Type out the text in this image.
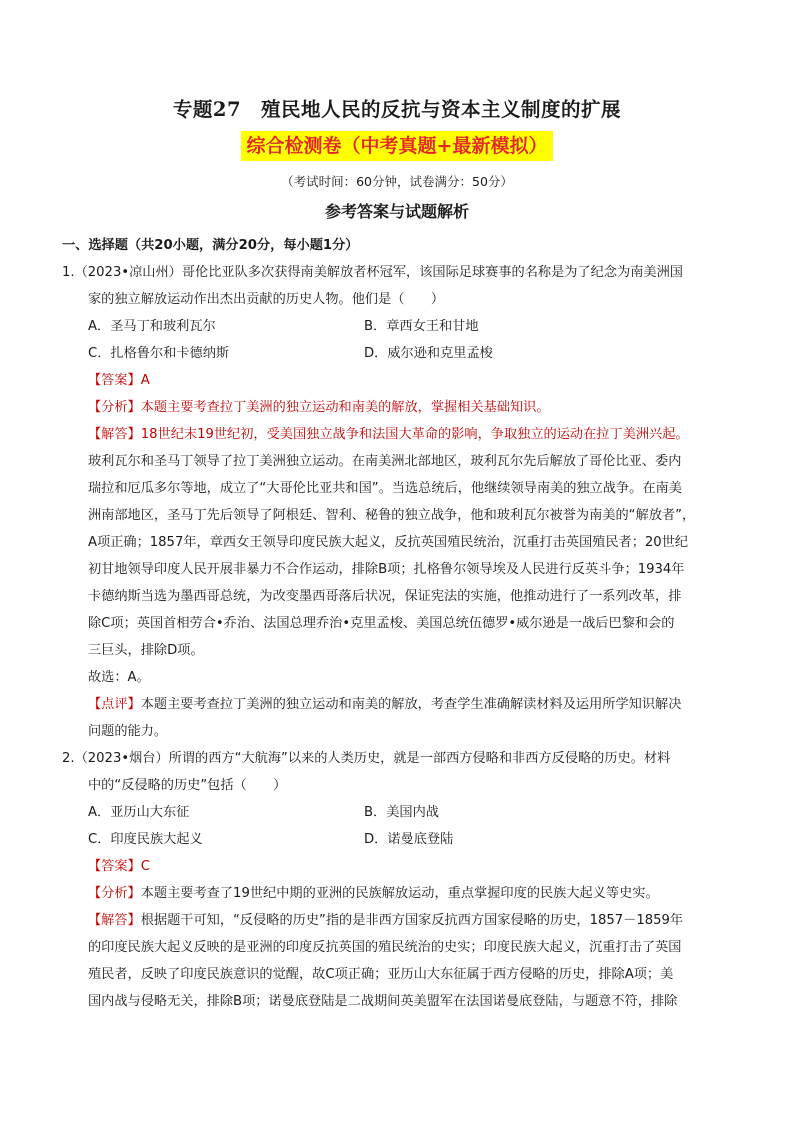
专题27　殖民地人民的反抗与资本主义制度的扩展
综合检测卷（中考真题+最新模拟）
（考试时间：60分钟，试卷满分：50分）
参考答案与试题解析
一、选择题（共20小题，满分20分，每小题1分）
1.（2023•凉山州）哥伦比亚队多次获得南美解放者杯冠军，该国际足球赛事的名称是为了纪念为南美洲国
家的独立解放运动作出杰出贡献的历史人物。他们是（　　）
A．圣马丁和玻利瓦尔	B．章西女王和甘地
C．扎格鲁尔和卡德纳斯	D．威尔逊和克里孟梭
【答案】A
【分析】本题主要考查拉丁美洲的独立运动和南美的解放，掌握相关基础知识。
【解答】18世纪末19世纪初，受美国独立战争和法国大革命的影响，争取独立的运动在拉丁美洲兴起。
玻利瓦尔和圣马丁领导了拉丁美洲独立运动。在南美洲北部地区，玻利瓦尔先后解放了哥伦比亚、委内
瑞拉和厄瓜多尔等地，成立了“大哥伦比亚共和国”。当选总统后，他继续领导南美的独立战争。在南美
洲南部地区，圣马丁先后领导了阿根廷、智利、秘鲁的独立战争，他和玻利瓦尔被誉为南美的“解放者”，
A项正确；1857年，章西女王领导印度民族大起义，反抗英国殖民统治，沉重打击英国殖民者；20世纪
初甘地领导印度人民开展非暴力不合作运动，排除B项；扎格鲁尔领导埃及人民进行反英斗争；1934年
卡德纳斯当选为墨西哥总统，为改变墨西哥落后状况，保证宪法的实施，他推动进行了一系列改革，排
除C项；英国首相劳合•乔治、法国总理乔治•克里孟梭、美国总统伍德罗•威尔逊是一战后巴黎和会的
三巨头，排除D项。
故选：A。
【点评】本题主要考查拉丁美洲的独立运动和南美的解放，考查学生准确解读材料及运用所学知识解决
问题的能力。
2.（2023•烟台）所谓的西方“大航海”以来的人类历史，就是一部西方侵略和非西方反侵略的历史。材料
中的“反侵略的历史”包括（　　）
A．亚历山大东征	B．美国内战
C．印度民族大起义	D．诺曼底登陆
【答案】C
【分析】本题主要考查了19世纪中期的亚洲的民族解放运动，重点掌握印度的民族大起义等史实。
【解答】根据题干可知，“反侵略的历史”指的是非西方国家反抗西方国家侵略的历史，1857－1859年
的印度民族大起义反映的是亚洲的印度反抗英国的殖民统治的史实；印度民族大起义，沉重打击了英国
殖民者，反映了印度民族意识的觉醒，故C项正确；亚历山大东征属于西方侵略的历史，排除A项；美
国内战与侵略无关，排除B项；诺曼底登陆是二战期间英美盟军在法国诺曼底登陆，与题意不符，排除
